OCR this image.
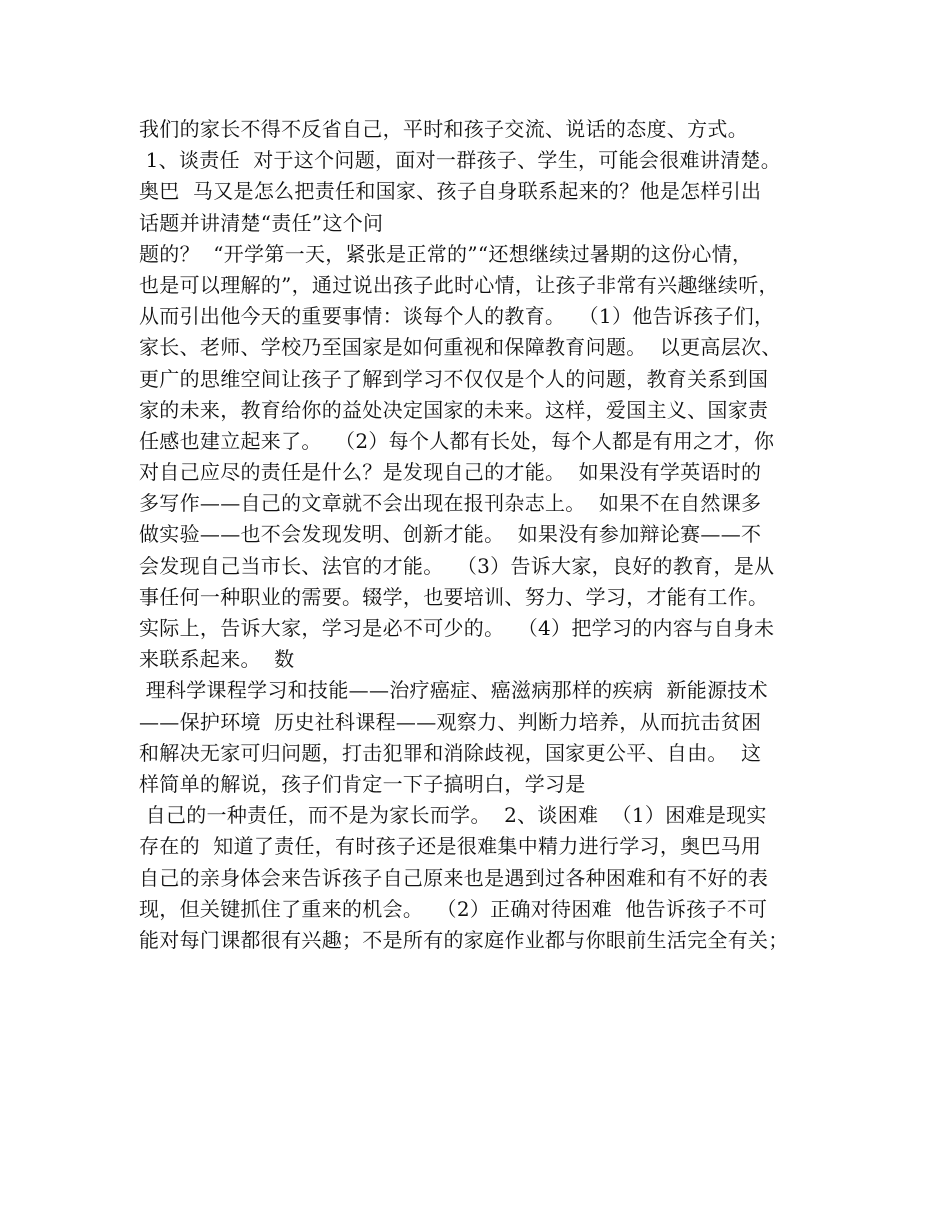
我们的家长不得不反省自己，平时和孩子交流、说话的态度、方式。
1、谈责任  对于这个问题，面对一群孩子、学生，可能会很难讲清楚。
奥巴  马又是怎么把责任和国家、孩子自身联系起来的？他是怎样引出
话题并讲清楚“责任”这个问
题的？  “开学第一天，紧张是正常的”“还想继续过暑期的这份心情，
也是可以理解的”，通过说出孩子此时心情，让孩子非常有兴趣继续听，
从而引出他今天的重要事情：谈每个人的教育。  （1）他告诉孩子们，
家长、老师、学校乃至国家是如何重视和保障教育问题。  以更高层次、
更广的思维空间让孩子了解到学习不仅仅是个人的问题，教育关系到国
家的未来，教育给你的益处决定国家的未来。这样，爱国主义、国家责
任感也建立起来了。  （2）每个人都有长处，每个人都是有用之才，你
对自己应尽的责任是什么？是发现自己的才能。  如果没有学英语时的
多写作——自己的文章就不会出现在报刊杂志上。  如果不在自然课多
做实验——也不会发现发明、创新才能。  如果没有参加辩论赛——不
会发现自己当市长、法官的才能。  （3）告诉大家，良好的教育，是从
事任何一种职业的需要。辍学，也要培训、努力、学习，才能有工作。
实际上，告诉大家，学习是必不可少的。  （4）把学习的内容与自身未
来联系起来。  数
理科学课程学习和技能——治疗癌症、癌滋病那样的疾病  新能源技术
——保护环境  历史社科课程——观察力、判断力培养，从而抗击贫困
和解决无家可归问题，打击犯罪和消除歧视，国家更公平、自由。  这
样简单的解说，孩子们肯定一下子搞明白，学习是
自己的一种责任，而不是为家长而学。  2、谈困难  （1）困难是现实
存在的  知道了责任，有时孩子还是很难集中精力进行学习，奥巴马用
自己的亲身体会来告诉孩子自己原来也是遇到过各种困难和有不好的表
现，但关键抓住了重来的机会。  （2）正确对待困难  他告诉孩子不可
能对每门课都很有兴趣；不是所有的家庭作业都与你眼前生活完全有关；
